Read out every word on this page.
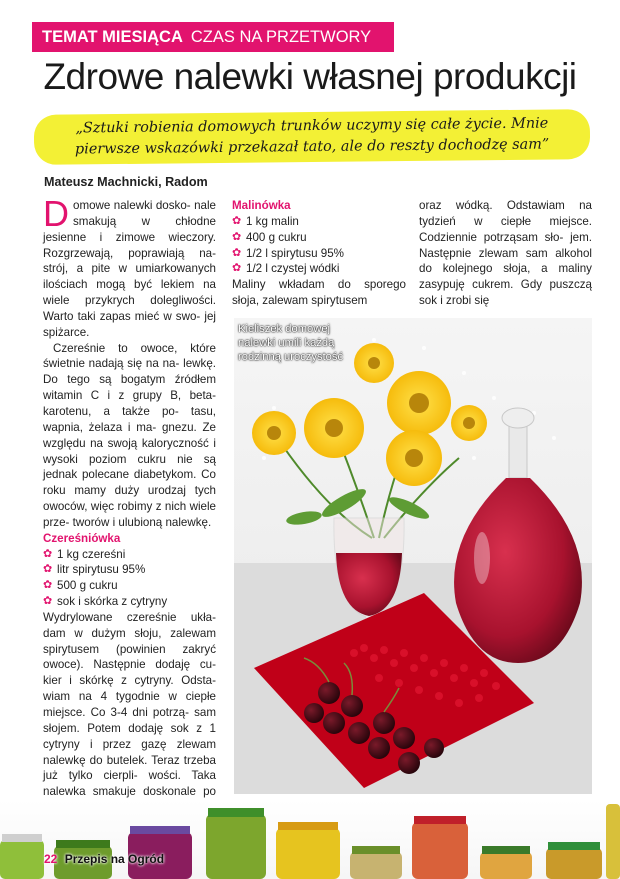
TEMAT MIESIĄCA CZAS NA PRZETWORY
Zdrowe nalewki własnej produkcji
„Sztuki robienia domowych trunków uczymy się całe życie. Mnie
pierwsze wskazówki przekazał tato, ale do reszty dochodzę sam”
Mateusz Machnicki, Radom
D omowe nalewki dosko- nale smakują w chłodne jesienne i zimowe wieczory. Rozgrzewają, poprawiają na- strój, a pite w umiarkowanych ilościach mogą być lekiem na wiele przykrych dolegliwości. Warto taki zapas mieć w swo- jej spiżarce.

Czereśnie to owoce, które świetnie nadają się na na- lewkę. Do tego są bogatym źródłem witamin C i z grupy B, beta-karotenu, a także po- tasu, wapnia, żelaza i ma- gnezu. Ze względu na swoją kaloryczność i wysoki poziom cukru nie są jednak polecane diabetykom. Co roku mamy duży urodzaj tych owoców, więc robimy z nich wiele prze- tworów i ulubioną nalewkę.

Czereśniówka
✿ 1 kg czereśni
✿ litr spirytusu 95%
✿ 500 g cukru
✿ sok i skórka z cytryny

Wydrylowane czereśnie ukła- dam w dużym słoju, zalewam spirytusem (powinien zakryć owoce). Następnie dodaję cu- kier i skórkę z cytryny. Odsta- wiam na 4 tygodnie w ciepłe miejsce. Co 3-4 dni potrzą- sam słojem. Potem dodaję sok z 1 cytryny i przez gazę zlewam nalewkę do butelek. Teraz trzeba już tylko cierpli- wości. Taka nalewka smakuje doskonale po

Malinówka
✿ 1 kg malin
✿ 400 g cukru
✿ 1/2 l spirytusu 95%
✿ 1/2 l czystej wódki

Maliny wkładam do sporego słoja, zalewam spirytusem

oraz wódką. Odstawiam na tydzień w ciepłe miejsce. Codziennie potrząsam sło- jem. Następnie zlewam sam alkohol do kolejnego słoja, a maliny zasypuję cukrem. Gdy puszczą sok i zrobi się

Kieliszek domowej
nalewki umili każdą
rodzinną uroczystość
22 Przepis na Ogród
